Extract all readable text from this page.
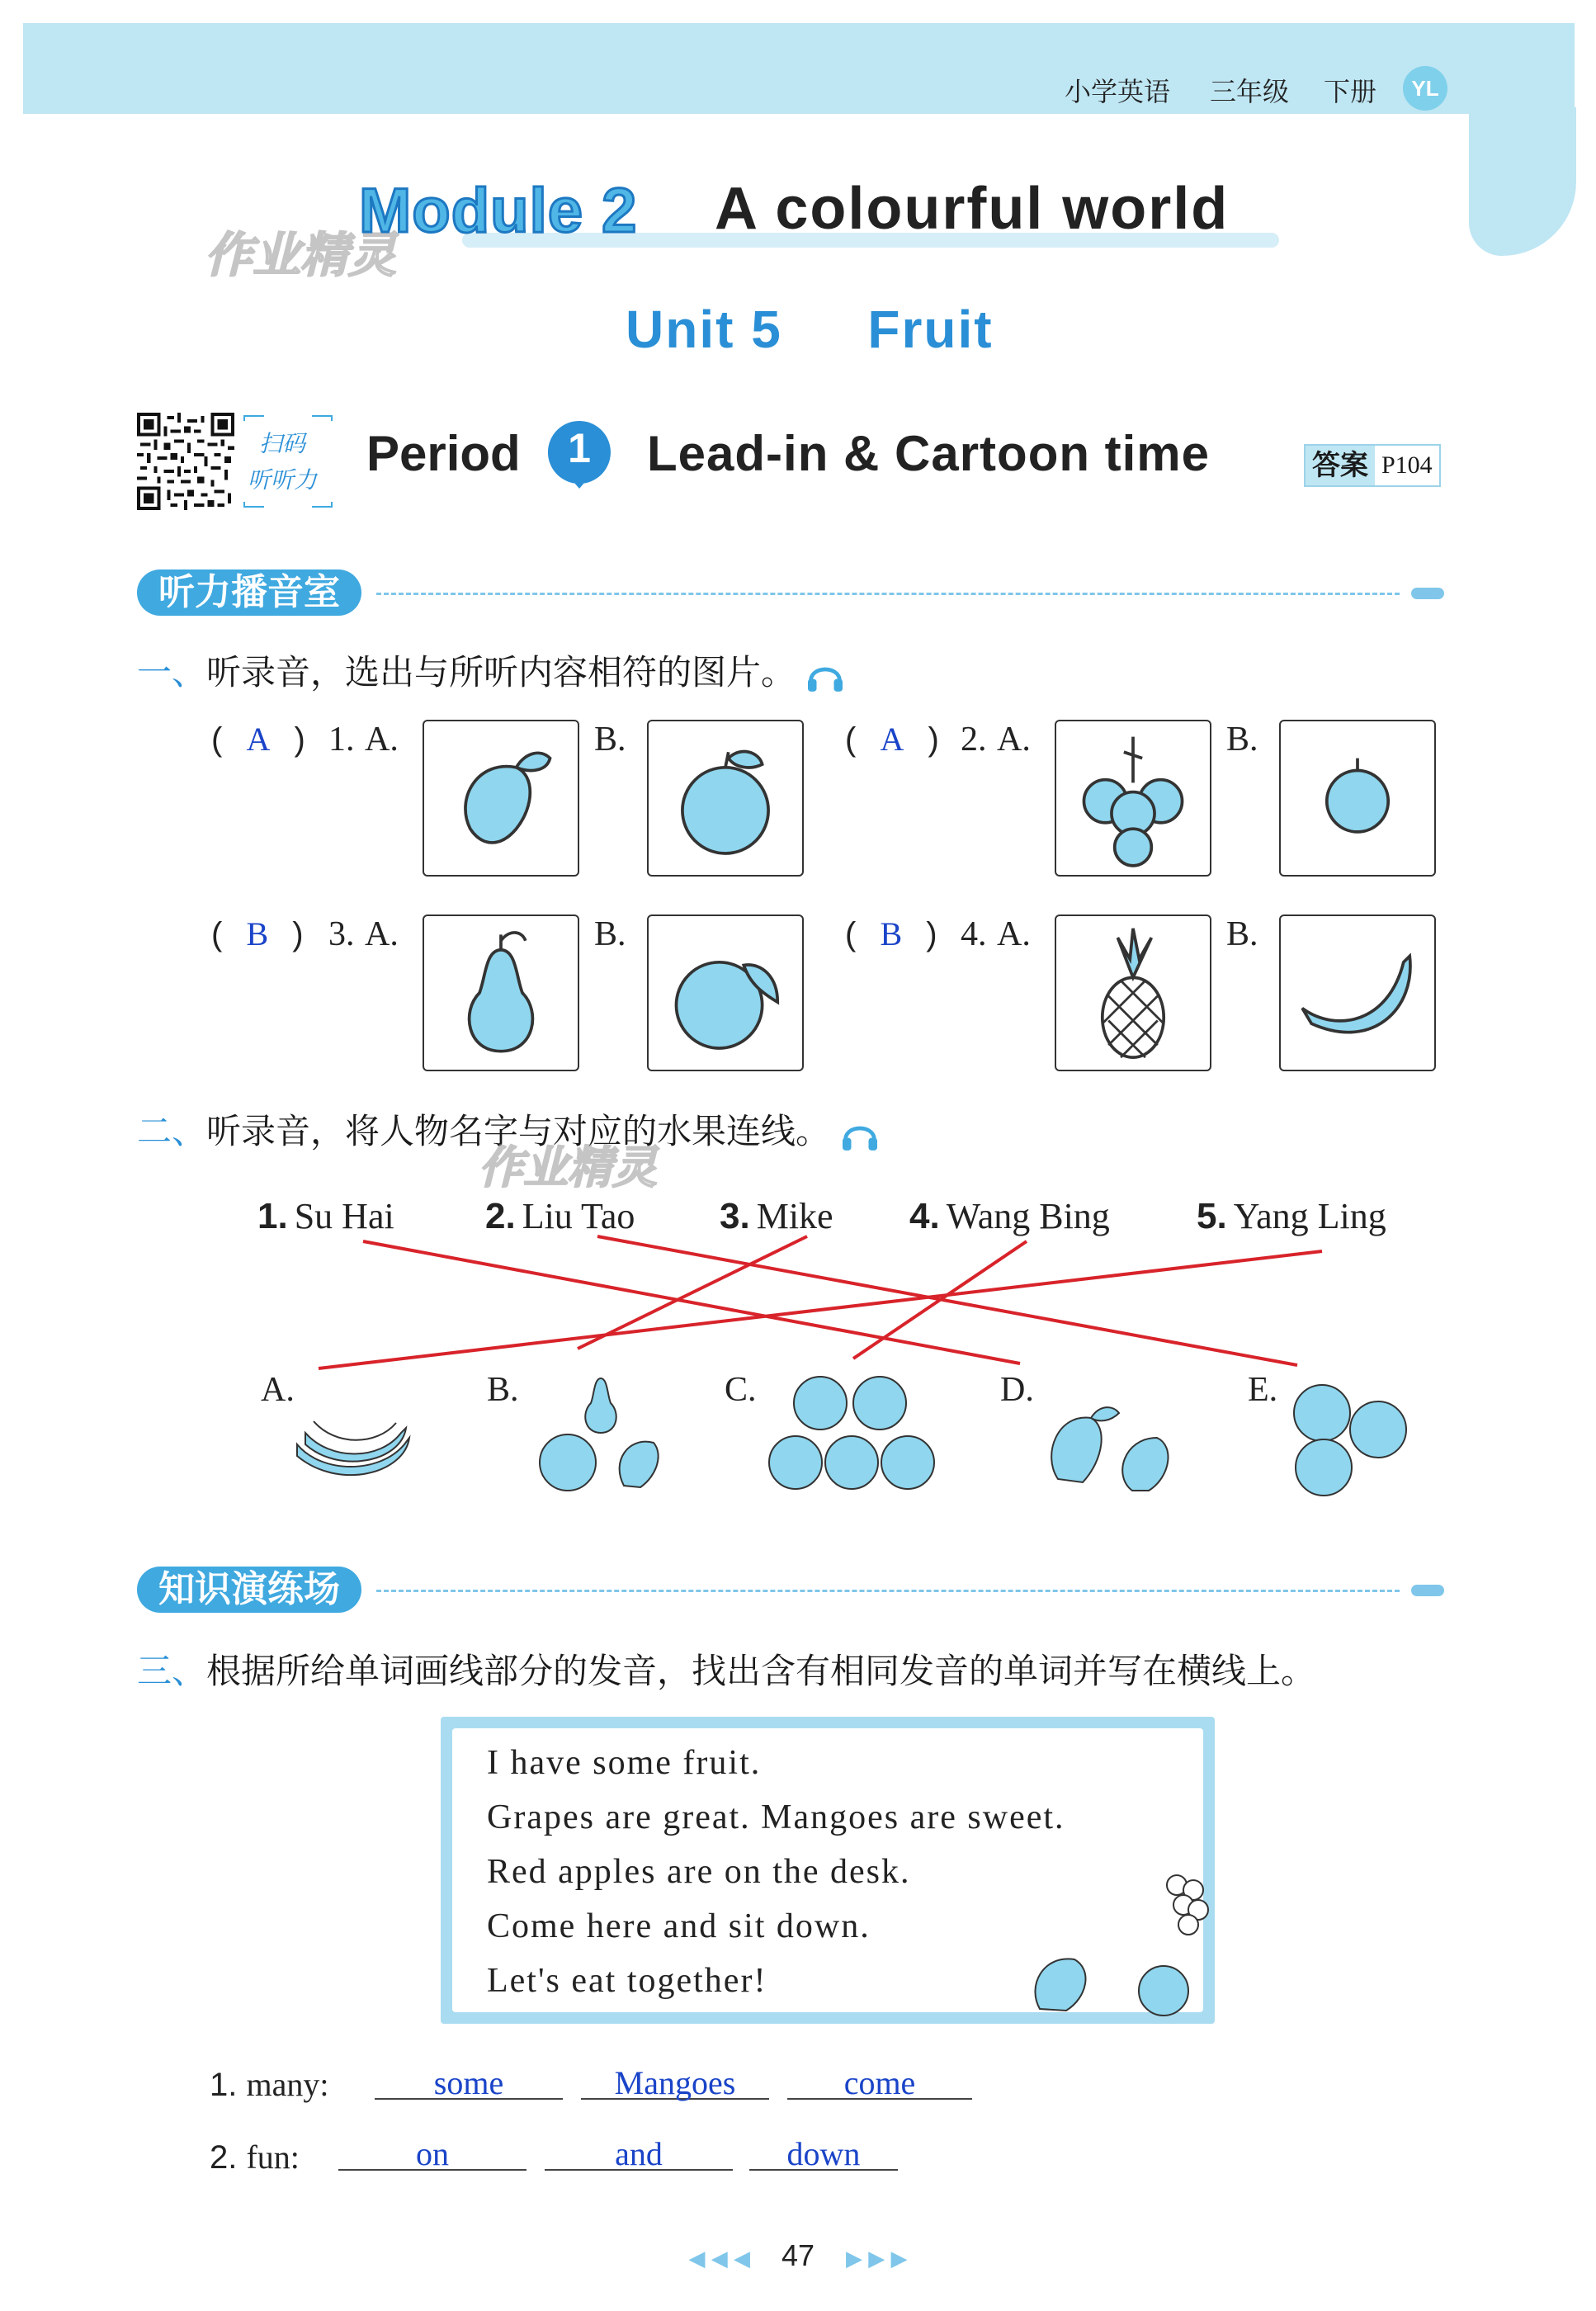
小学英语 三年级 下册	YL
作业精灵
Module 2 A colourful world
Unit 5 Fruit
扫码
听听力 Period	1	Lead-in & Cartoon time	答案 P104
听力播音室
一、听录音，选出与所听内容相符的图片。
( A ) 1. A.	B.	( A ) 2. A.	B.
( B ) 3. A.	B.	( B ) 4. A.	B.
二、听录音，将人物名字与对应的水果连线。
作业精灵
1. Su Hai	2. Liu Tao 3. Mike 4. Wang Bing 5. Yang Ling
A.	B.	C.	D.	E.
知识演练场
三、根据所给单词画线部分的发音，找出含有相同发音的单词并写在横线上。
I have some fruit.
Grapes are great. Mangoes are sweet.
Red apples are on the desk.
Come here and sit down.
Let's eat together!
1. many:	some	Mangoes	come
2. fun:	on	and	down
◀ ◀ ◀ 47 ▶ ▶ ▶
